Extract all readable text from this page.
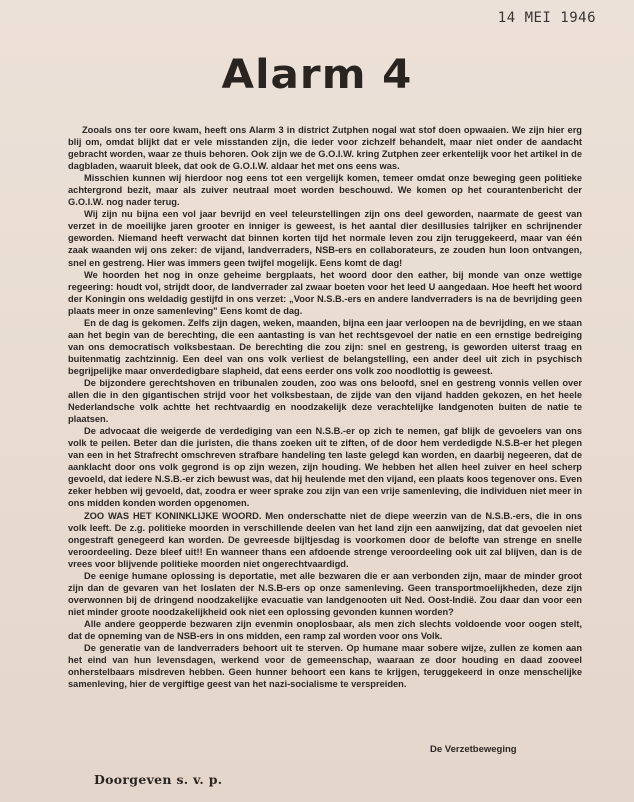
14 MEI 1946
Alarm 4

Zooals ons ter oore kwam, heeft ons Alarm 3 in district Zutphen nogal wat stof doen opwaaien. We zijn hier erg blij om, omdat blijkt dat er vele misstanden zijn, die ieder voor zichzelf behandelt, maar niet onder de aandacht gebracht worden, waar ze thuis behoren. Ook zijn we de G.O.I.W. kring Zutphen zeer erkentelijk voor het artikel in de dagbladen, waaruit bleek, dat ook de G.O.I.W. aldaar het met ons eens was.

Misschien kunnen wij hierdoor nog eens tot een vergelijk komen, temeer omdat onze beweging geen politieke achtergrond bezit, maar als zuiver neutraal moet worden beschouwd. We komen op het courantenbericht der G.O.I.W. nog nader terug.

Wij zijn nu bijna een vol jaar bevrijd en veel teleurstellingen zijn ons deel geworden, naarmate de geest van verzet in de moeilijke jaren grooter en inniger is geweest, is het aantal dier desillusies talrijker en schrijnender geworden. Niemand heeft verwacht dat binnen korten tijd het normale leven zou zijn teruggekeerd, maar van één zaak waanden wij ons zeker: de vijand, landverraders, NSB-ers en collaborateurs, ze zouden hun loon ontvangen, snel en gestreng. Hier was immers geen twijfel mogelijk. Eens komt de dag!

We hoorden het nog in onze geheime bergplaats, het woord door den eather, bij monde van onze wettige regeering: houdt vol, strijdt door, de landverrader zal zwaar boeten voor het leed U aangedaan. Hoe heeft het woord der Koningin ons weldadig gestijfd in ons verzet: „Voor N.S.B.-ers en andere landverraders is na de bevrijding geen plaats meer in onze samenleving" Eens komt de dag.

En de dag is gekomen. Zelfs zijn dagen, weken, maanden, bijna een jaar verloopen na de bevrijding, en we staan aan het begin van de berechting, die een aantasting is van het rechtsgevoel der natie en een ernstige bedreiging van ons democratisch volksbestaan. De berechting die zou zijn: snel en gestreng, is geworden uiterst traag en buitenmatig zachtzinnig. Een deel van ons volk verliest de belangstelling, een ander deel uit zich in psychisch begrijpelijke maar onverdedigbare slapheid, dat eens eerder ons volk zoo noodlottig is geweest.

De bijzondere gerechtshoven en tribunalen zouden, zoo was ons beloofd, snel en gestreng vonnis vellen over allen die in den gigantischen strijd voor het volksbestaan, de zijde van den vijand hadden gekozen, en het heele Nederlandsche volk achtte het rechtvaardig en noodzakelijk deze verachtelijke landgenoten buiten de natie te plaatsen.

De advocaat die weigerde de verdediging van een N.S.B.-er op zich te nemen, gaf blijk de gevoelers van ons volk te peilen. Beter dan die juristen, die thans zoeken uit te ziften, of de door hem verdedigde N.S.B-er het plegen van een in het Strafrecht omschreven strafbare handeling ten laste gelegd kan worden, en daarbij negeeren, dat de aanklacht door ons volk gegrond is op zijn wezen, zijn houding. We hebben het allen heel zuiver en heel scherp gevoeld, dat iedere N.S.B.-er zich bewust was, dat hij heulende met den vijand, een plaats koos tegenover ons. Even zeker hebben wij gevoeld, dat, zoodra er weer sprake zou zijn van een vrije samenleving, die individuen niet meer in ons midden konden worden opgenomen.

ZOO WAS HET KONINKLIJKE WOORD. Men onderschatte niet de diepe weerzin van de N.S.B.-ers, die in ons volk leeft. De z.g. politieke moorden in verschillende deelen van het land zijn een aanwijzing, dat dat gevoelen niet ongestraft genegeerd kan worden. De gevreesde bijltjesdag is voorkomen door de belofte van strenge en snelle veroordeeling. Deze bleef uit!! En wanneer thans een afdoende strenge veroordeeling ook uit zal blijven, dan is de vrees voor blijvende politieke moorden niet ongerechtvaardigd.

De eenige humane oplossing is deportatie, met alle bezwaren die er aan verbonden zijn, maar de minder groot zijn dan de gevaren van het loslaten der N.S.B-ers op onze samenleving. Geen transportmoelijkheden, deze zijn overwonnen bij de dringend noodzakelijke evacuatie van landgenooten uit Ned. Oost-Indië. Zou daar dan voor een niet minder groote noodzakelijkheid ook niet een oplossing gevonden kunnen worden?

Alle andere geopperde bezwaren zijn evenmin onoplosbaar, als men zich slechts voldoende voor oogen stelt, dat de opneming van de NSB-ers in ons midden, een ramp zal worden voor ons Volk.

De generatie van de landverraders behoort uit te sterven. Op humane maar sobere wijze, zullen ze komen aan het eind van hun levensdagen, werkend voor de gemeenschap, waaraan ze door houding en daad zooveel onherstelbaars misdreven hebben. Geen hunner behoort een kans te krijgen, teruggekeerd in onze menschelijke samenleving, hier de vergiftige geest van het nazi-socialisme te verspreiden.

De Verzetbeweging
Doorgeven s. v. p.
